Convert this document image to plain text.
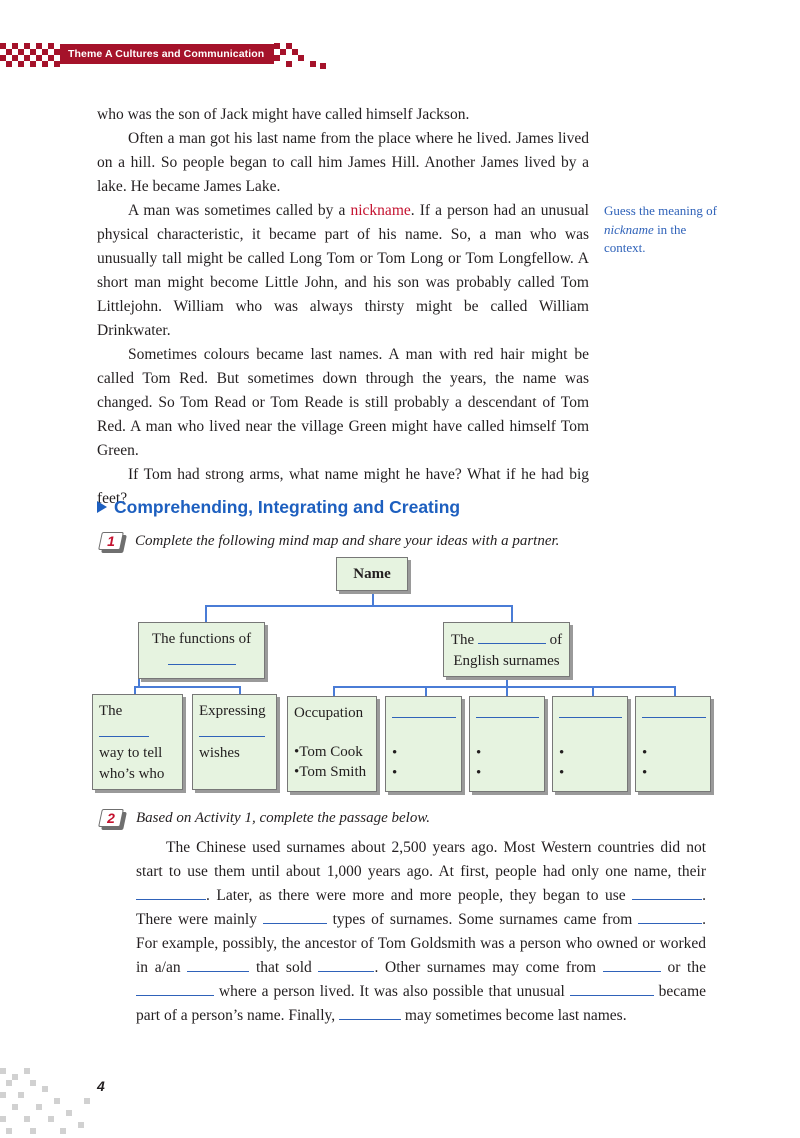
Theme A Cultures and Communication

who was the son of Jack might have called himself Jackson.

Often a man got his last name from the place where he lived. James lived on a hill. So people began to call him James Hill. Another James lived by a lake. He became James Lake.

A man was sometimes called by a nickname. If a person had an unusual physical characteristic, it became part of his name. So, a man who was unusually tall might be called Long Tom or Tom Long or Tom Longfellow. A short man might become Little John, and his son was probably called Tom Littlejohn. William who was always thirsty might be called William Drinkwater.

Sometimes colours became last names. A man with red hair might be called Tom Red. But sometimes down through the years, the name was changed. So Tom Read or Tom Reade is still probably a descendant of Tom Red. A man who lived near the village Green might have called himself Tom Green.

If Tom had strong arms, what name might he have? What if he had big feet?

Guess the meaning of nickname in the context.
Comprehending, Integrating and Creating
1	Complete the following mind map and share your ideas with a partner.
Name
The functions of	The	of
English surnames
The
way to tell
who’s who
Expressing

wishes
Occupation

•Tom Cook
•Tom Smith

•
•

•
•

•
•

•
•
2	Based on Activity 1, complete the passage below.

The Chinese used surnames about 2,500 years ago. Most Western countries did not start to use them until about 1,000 years ago. At first, people had only one name, their . Later, as there were more and more people, they began to use	. There were mainly	types of surnames. Some surnames came from	. For example, possibly, the ancestor of Tom Goldsmith was a person who owned or worked in a/an	that sold	. Other surnames may come from	or the  where a person lived. It was also possible that unusual	became part of a person’s name. Finally,	may sometimes become last names.

4
